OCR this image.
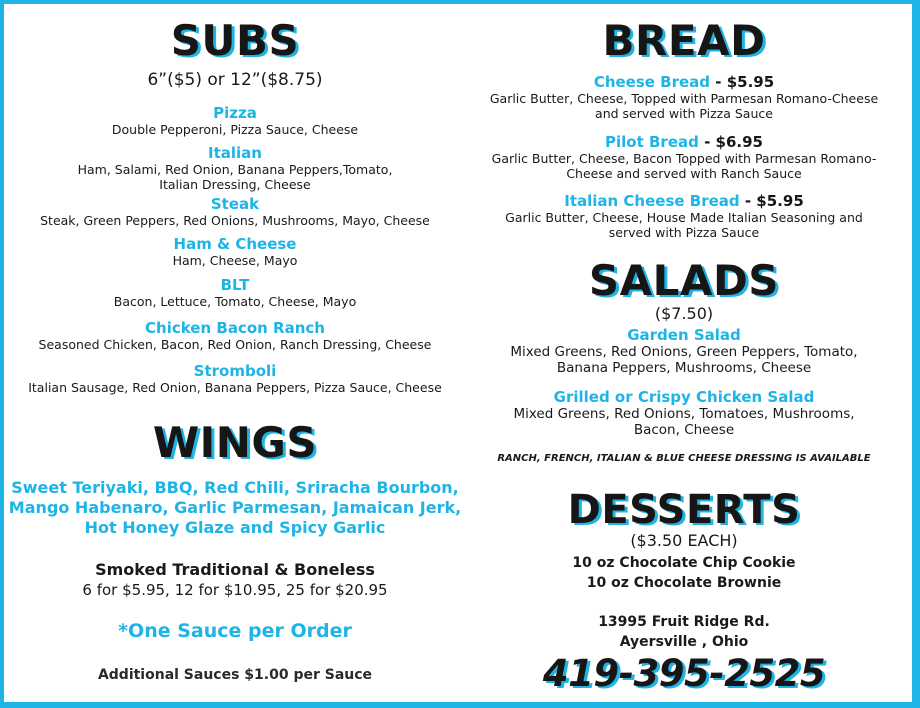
SUBS
6”($5) or 12”($8.75)
Pizza
Double Pepperoni, Pizza Sauce, Cheese
Italian
Ham, Salami, Red Onion, Banana Peppers,Tomato,
Italian Dressing, Cheese
Steak
Steak, Green Peppers, Red Onions, Mushrooms, Mayo, Cheese
Ham & Cheese
Ham, Cheese, Mayo
BLT
Bacon, Lettuce, Tomato, Cheese, Mayo
Chicken Bacon Ranch
Seasoned Chicken, Bacon, Red Onion, Ranch Dressing, Cheese
Stromboli
Italian Sausage, Red Onion, Banana Peppers, Pizza Sauce, Cheese
WINGS
Sweet Teriyaki, BBQ, Red Chili, Sriracha Bourbon,
Mango Habenaro, Garlic Parmesan, Jamaican Jerk,
Hot Honey Glaze and Spicy Garlic
Smoked Traditional & Boneless
6 for $5.95, 12 for $10.95, 25 for $20.95
*One Sauce per Order
Additional Sauces $1.00 per Sauce
BREAD
Cheese Bread - $5.95
Garlic Butter, Cheese, Topped with Parmesan Romano-Cheese
and served with Pizza Sauce
Pilot Bread - $6.95
Garlic Butter, Cheese, Bacon Topped with Parmesan Romano-
Cheese and served with Ranch Sauce
Italian Cheese Bread - $5.95
Garlic Butter, Cheese, House Made Italian Seasoning and
served with Pizza Sauce
SALADS
($7.50)
Garden Salad
Mixed Greens, Red Onions, Green Peppers, Tomato,
Banana Peppers, Mushrooms, Cheese
Grilled or Crispy Chicken Salad
Mixed Greens, Red Onions, Tomatoes, Mushrooms,
Bacon, Cheese
RANCH, FRENCH, ITALIAN & BLUE CHEESE DRESSING IS AVAILABLE
DESSERTS
($3.50 EACH)
10 oz Chocolate Chip Cookie
10 oz Chocolate Brownie
13995 Fruit Ridge Rd.
Ayersville , Ohio
419-395-2525
